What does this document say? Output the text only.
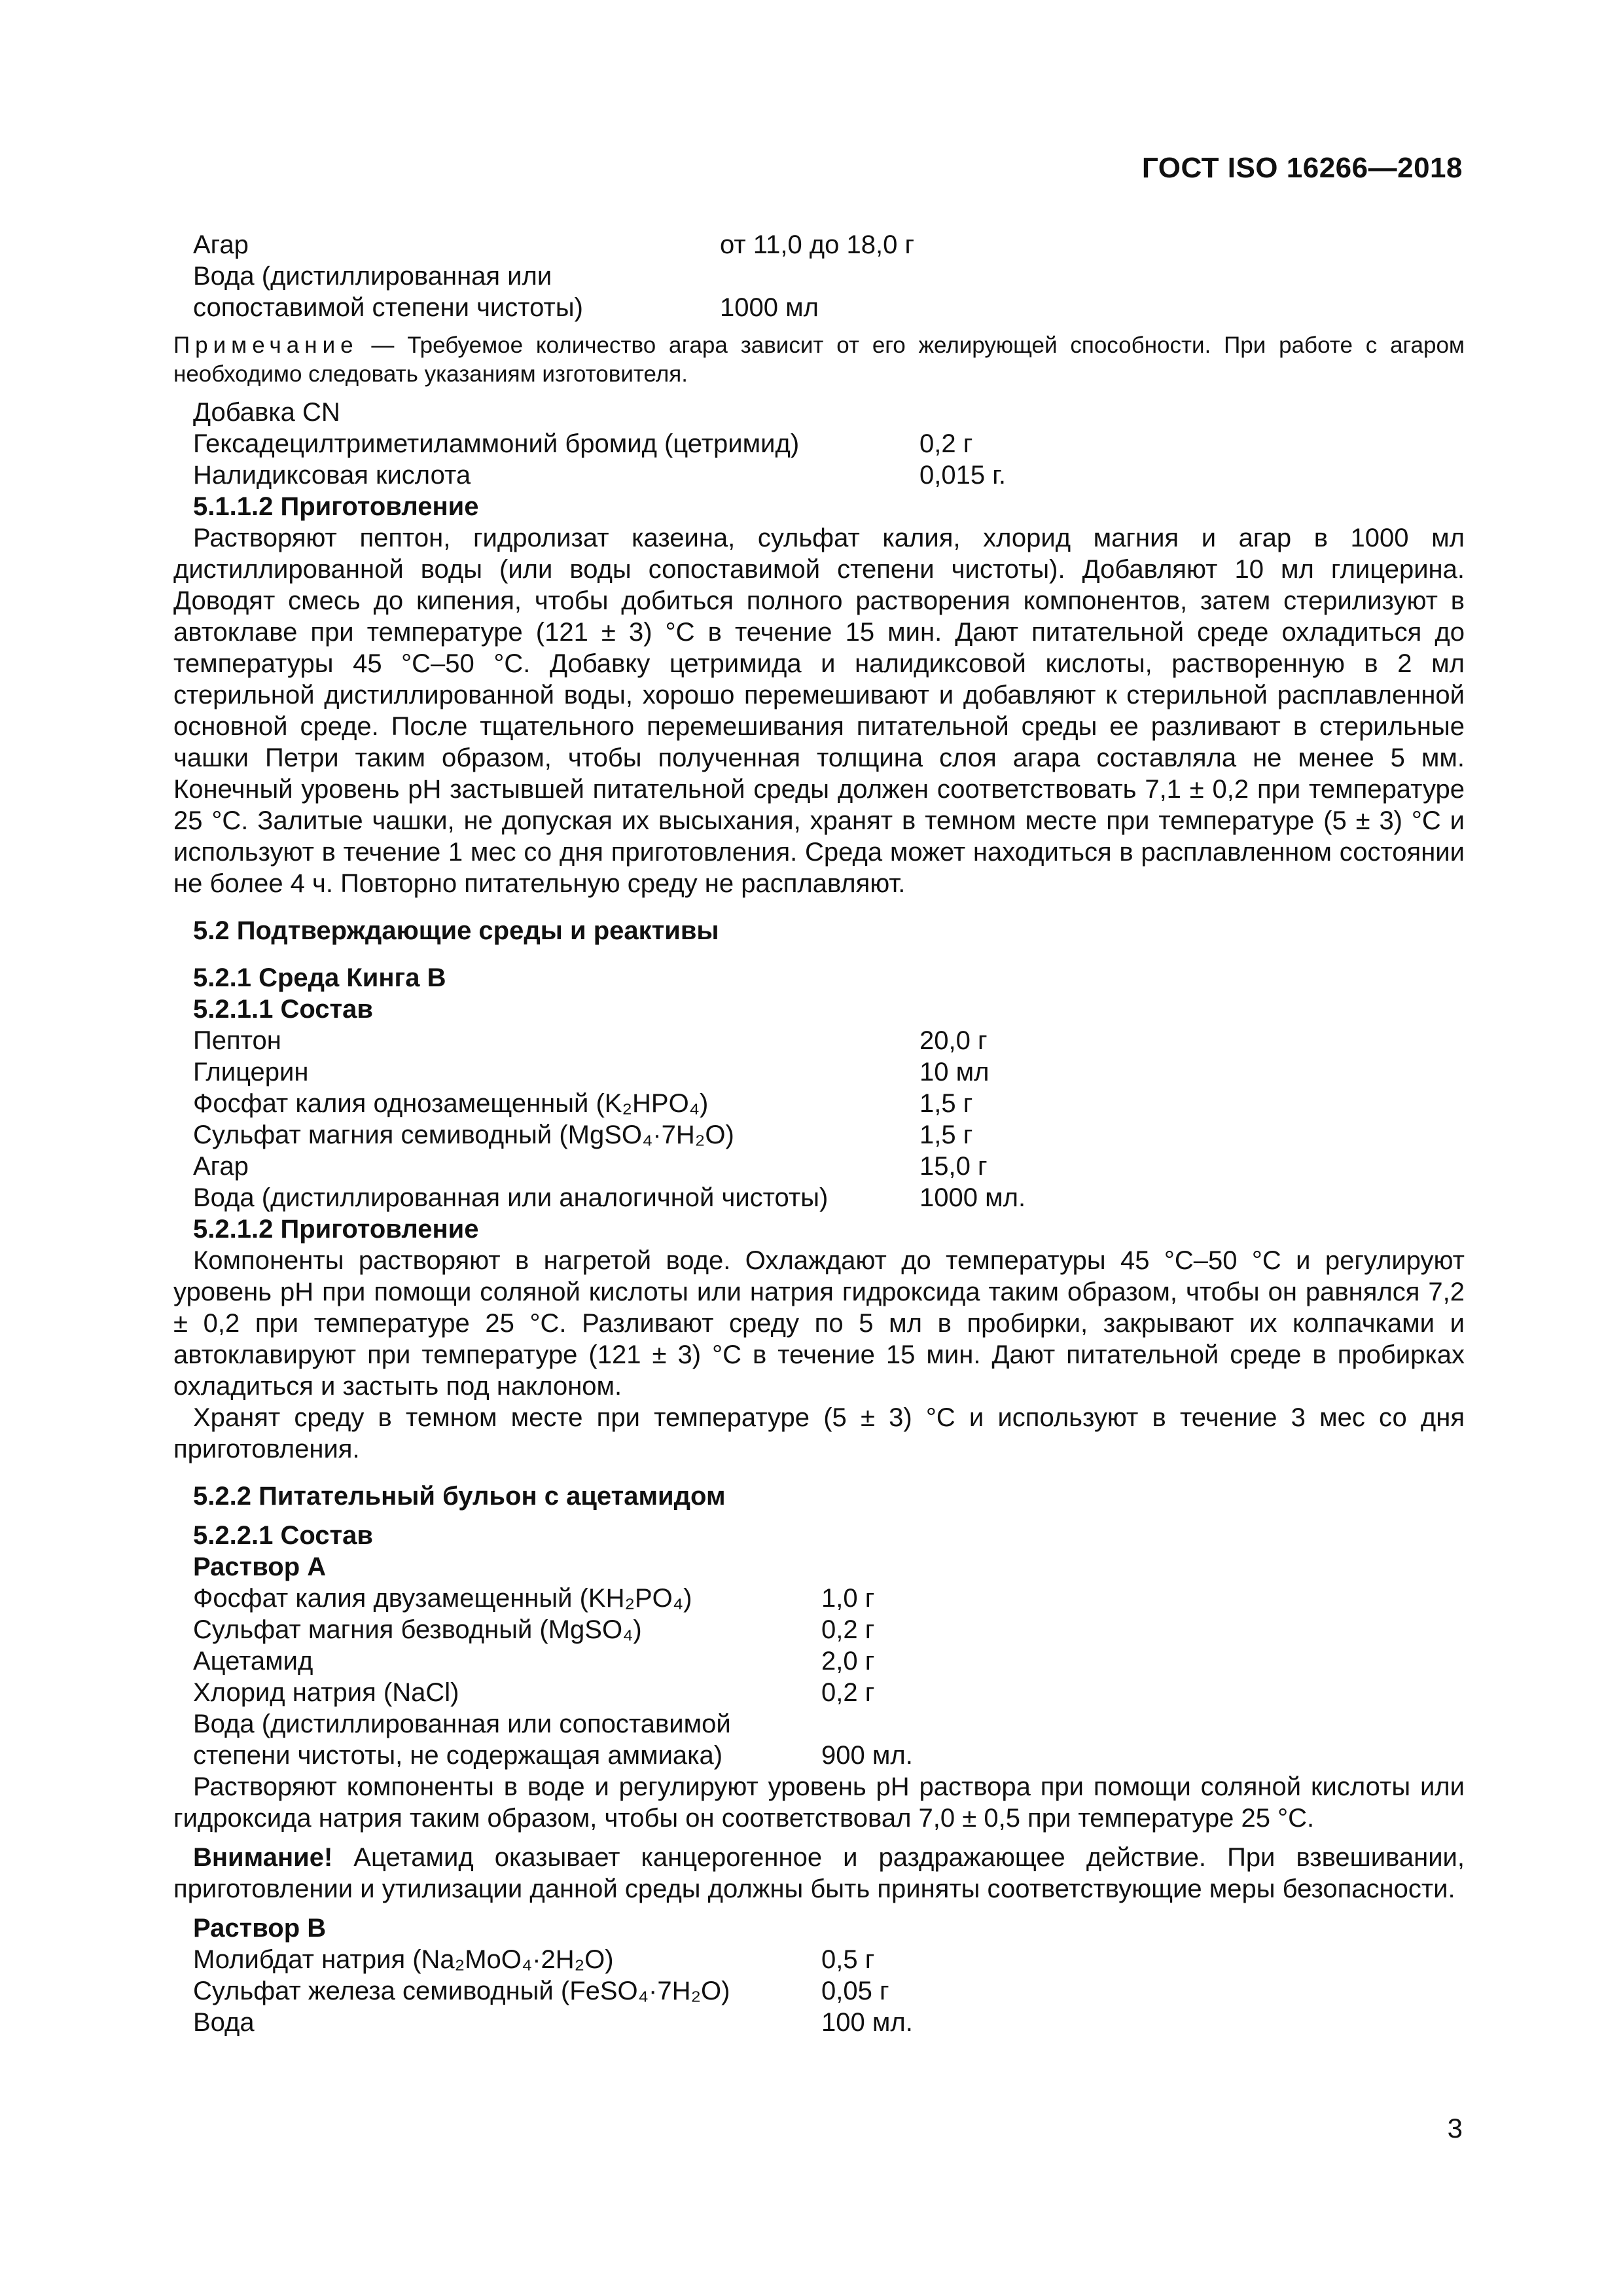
ГОСТ ISO 16266—2018
Агар	от 11,0 до 18,0 г
Вода (дистиллированная или
сопоставимой степени чистоты)	1000 мл
Примечание — Требуемое количество агара зависит от его желирующей способности. При работе с агаром необходимо следовать указаниям изготовителя.
Добавка CN
Гексадецилтриметиламмоний бромид (цетримид)	0,2 г
Налидиксовая кислота	0,015 г.
5.1.1.2 Приготовление
Растворяют пептон, гидролизат казеина, сульфат калия, хлорид магния и агар в 1000 мл дистиллированной воды (или воды сопоставимой степени чистоты). Добавляют 10 мл глицерина. Доводят смесь до кипения, чтобы добиться полного растворения компонентов, затем стерилизуют в автоклаве при температуре (121 ± 3) °С в течение 15 мин. Дают питательной среде охладиться до температуры 45 °С–50 °С. Добавку цетримида и налидиксовой кислоты, растворенную в 2 мл стерильной дистиллированной воды, хорошо перемешивают и добавляют к стерильной расплавленной основной среде. После тщательного перемешивания питательной среды ее разливают в стерильные чашки Петри таким образом, чтобы полученная толщина слоя агара составляла не менее 5 мм. Конечный уровень pH застывшей питательной среды должен соответствовать 7,1 ± 0,2 при температуре 25 °С. Залитые чашки, не допуская их высыхания, хранят в темном месте при температуре (5 ± 3) °С и используют в течение 1 мес со дня приготовления. Среда может находиться в расплавленном состоянии не более 4 ч. Повторно питательную среду не расплавляют.
5.2 Подтверждающие среды и реактивы
5.2.1 Среда Кинга В
5.2.1.1 Состав
Пептон	20,0 г
Глицерин	10 мл
Фосфат калия однозамещенный (K₂HPO₄)	1,5 г
Сульфат магния семиводный (MgSO₄·7H₂O)	1,5 г
Агар	15,0 г
Вода (дистиллированная или аналогичной чистоты)	1000 мл.
5.2.1.2 Приготовление
Компоненты растворяют в нагретой воде. Охлаждают до температуры 45 °С–50 °С и регулируют уровень pH при помощи соляной кислоты или натрия гидроксида таким образом, чтобы он равнялся 7,2 ± 0,2 при температуре 25 °С. Разливают среду по 5 мл в пробирки, закрывают их колпачками и автоклавируют при температуре (121 ± 3) °С в течение 15 мин. Дают питательной среде в пробирках охладиться и застыть под наклоном.
Хранят среду в темном месте при температуре (5 ± 3) °С и используют в течение 3 мес со дня приготовления.
5.2.2 Питательный бульон с ацетамидом
5.2.2.1 Состав
Раствор А
Фосфат калия двузамещенный (KH₂PO₄)	1,0 г
Сульфат магния безводный (MgSO₄)	0,2 г
Ацетамид	2,0 г
Хлорид натрия (NaCl)	0,2 г
Вода (дистиллированная или сопоставимой
степени чистоты, не содержащая аммиака)	900 мл.
Растворяют компоненты в воде и регулируют уровень pH раствора при помощи соляной кислоты или гидроксида натрия таким образом, чтобы он соответствовал 7,0 ± 0,5 при температуре 25 °С.
Внимание! Ацетамид оказывает канцерогенное и раздражающее действие. При взвешивании, приготовлении и утилизации данной среды должны быть приняты соответствующие меры безопасности.
Раствор В
Молибдат натрия (Na₂MoO₄·2H₂O)	0,5 г
Сульфат железа семиводный (FeSO₄·7H₂O)	0,05 г
Вода	100 мл.
3
